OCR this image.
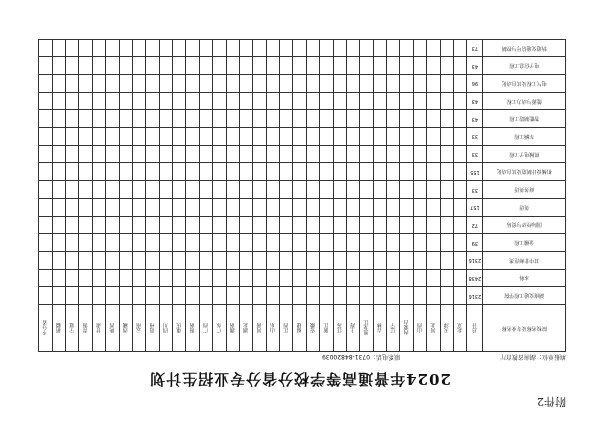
附件2
2024年普通高等学校分省分专业招生计划
填报单位：湖南省教育厅
联系电话：0731-84820039
院校名称及专业名称	总计	北京	天津	河北	山西	内蒙古	辽宁	吉林	黑龙江	上海	江苏	浙江	安徽	福建	江西	山东	河南	湖北	湖南	广东	广西	海南	重庆	四川	贵州	云南	西藏	陕西	甘肃	青海	宁夏	新疆	不分省
湖南交通工程学院	2316																																
本科	2438																																
其中非师范类	2316																																
金融工程	39																																
国际经济与贸易	72																																
英语	157																																
商务英语	33																																
机械设计制造及其自动化	155																																
机械电子工程	33																																
车辆工程	33																																
智能制造工程	43																																
能源与动力工程	43																																
电气工程及其自动化	96																																
电子信息工程	43																																
轨道交通信号与控制	73																																
